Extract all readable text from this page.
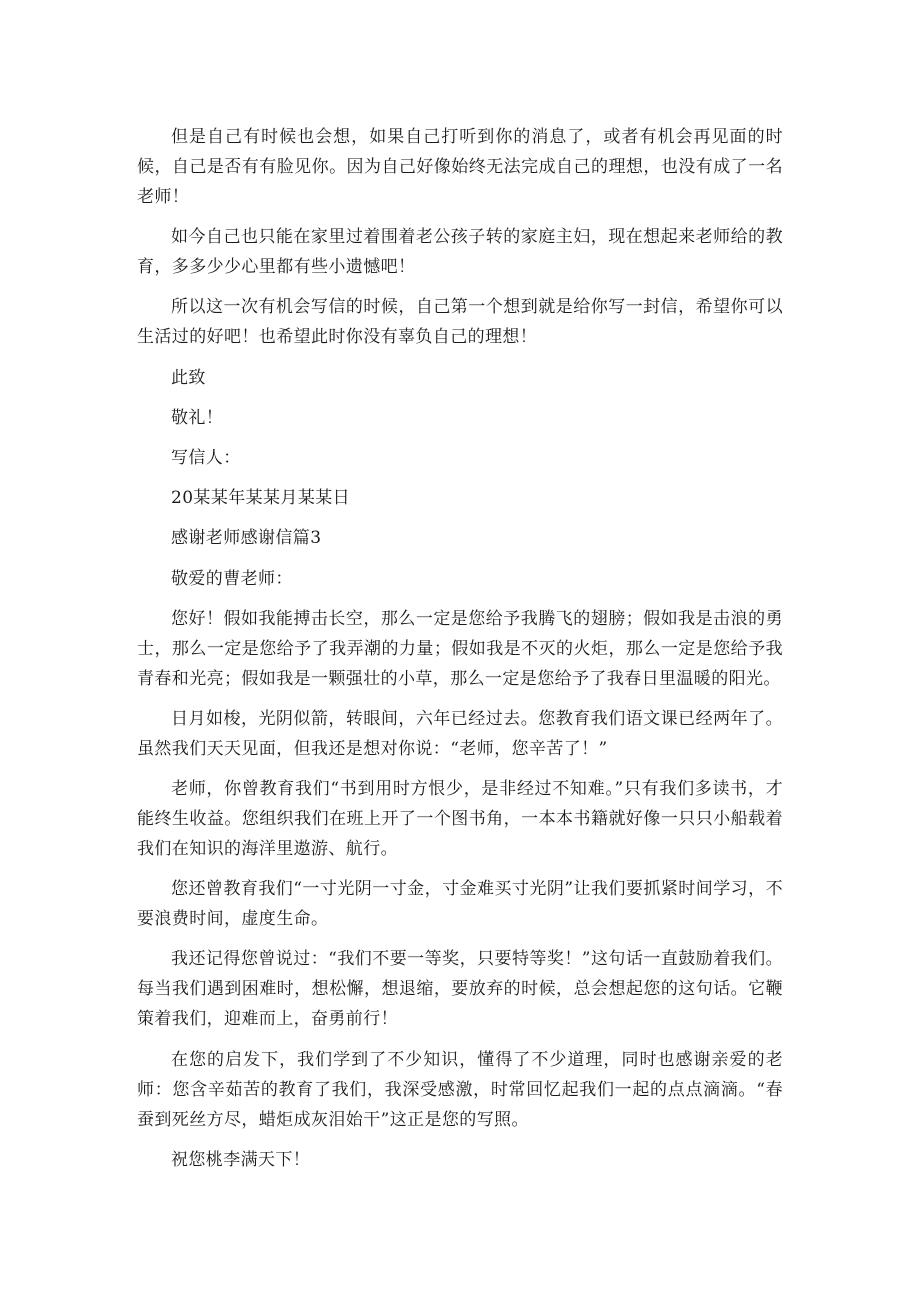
但是自己有时候也会想，如果自己打听到你的消息了，或者有机会再见面的时候，自己是否有有脸见你。因为自己好像始终无法完成自己的理想，也没有成了一名老师！

如今自己也只能在家里过着围着老公孩子转的家庭主妇，现在想起来老师给的教育，多多少少心里都有些小遗憾吧！

所以这一次有机会写信的时候，自己第一个想到就是给你写一封信，希望你可以生活过的好吧！也希望此时你没有辜负自己的理想！

此致

敬礼！

写信人：

20某某年某某月某某日

感谢老师感谢信篇3

敬爱的曹老师：

您好！假如我能搏击长空，那么一定是您给予我腾飞的翅膀；假如我是击浪的勇士，那么一定是您给予了我弄潮的力量；假如我是不灭的火炬，那么一定是您给予我青春和光亮；假如我是一颗强壮的小草，那么一定是您给予了我春日里温暖的阳光。

日月如梭，光阴似箭，转眼间，六年已经过去。您教育我们语文课已经两年了。虽然我们天天见面，但我还是想对你说：“老师，您辛苦了！”

老师，你曾教育我们“书到用时方恨少，是非经过不知难。”只有我们多读书，才能终生收益。您组织我们在班上开了一个图书角，一本本书籍就好像一只只小船载着我们在知识的海洋里遨游、航行。

您还曾教育我们“一寸光阴一寸金，寸金难买寸光阴”让我们要抓紧时间学习，不要浪费时间，虚度生命。

我还记得您曾说过：“我们不要一等奖，只要特等奖！”这句话一直鼓励着我们。每当我们遇到困难时，想松懈，想退缩，要放弃的时候，总会想起您的这句话。它鞭策着我们，迎难而上，奋勇前行！

在您的启发下，我们学到了不少知识，懂得了不少道理，同时也感谢亲爱的老师：您含辛茹苦的教育了我们，我深受感激，时常回忆起我们一起的点点滴滴。“春蚕到死丝方尽，蜡炬成灰泪始干”这正是您的写照。

祝您桃李满天下！
